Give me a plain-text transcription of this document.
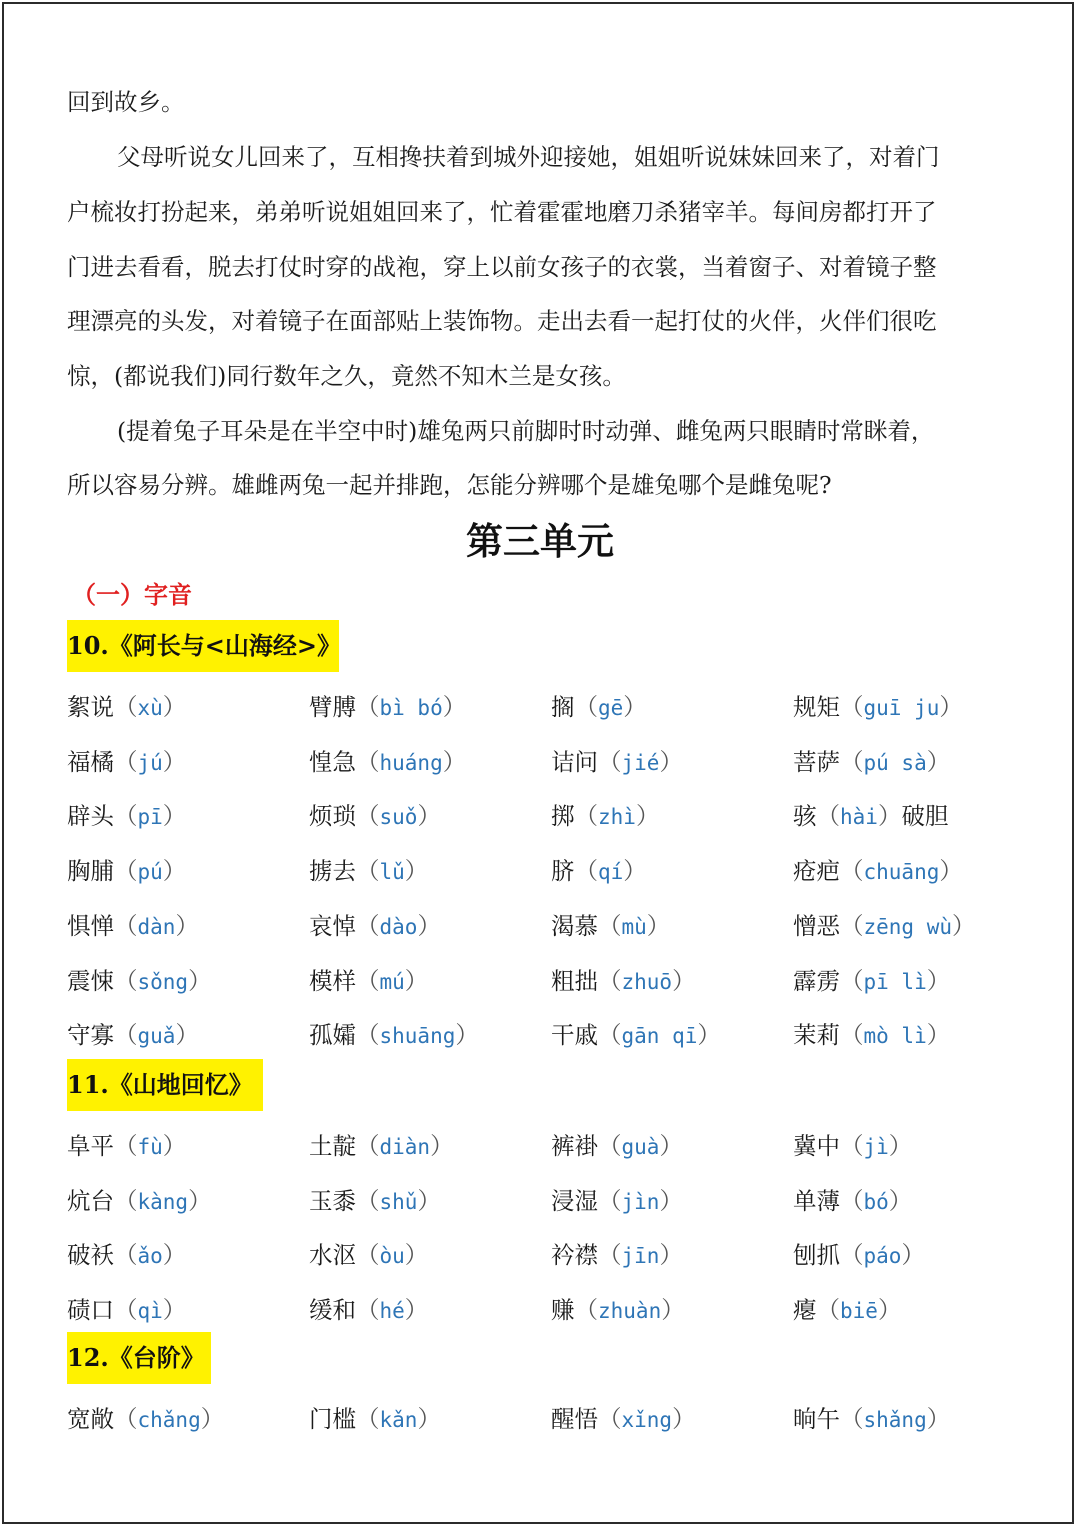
回到故乡。

父母听说女儿回来了，互相搀扶着到城外迎接她，姐姐听说妹妹回来了，对着门

户梳妆打扮起来，弟弟听说姐姐回来了，忙着霍霍地磨刀杀猪宰羊。每间房都打开了

门进去看看，脱去打仗时穿的战袍，穿上以前女孩子的衣裳，当着窗子、对着镜子整

理漂亮的头发，对着镜子在面部贴上装饰物。走出去看一起打仗的火伴，火伴们很吃

惊，(都说我们)同行数年之久，竟然不知木兰是女孩。

(提着兔子耳朵是在半空中时)雄兔两只前脚时时动弹、雌兔两只眼睛时常眯着，

所以容易分辨。雄雌两兔一起并排跑，怎能分辨哪个是雄兔哪个是雌兔呢?

第三单元
（一）字音
10.《阿长与<山海经>》

絮说（xù）	臂膊（bì bó）	搁（gē）	规矩（guī ju）

福橘（jú）	惶急（huáng）	诘问（jié）	菩萨（pú sà）

辟头（pī）	烦琐（suǒ）	掷（zhì）	骇（hài）破胆

胸脯（pú）	掳去（lǔ）	脐（qí）	疮疤（chuāng）

惧惮（dàn）	哀悼（dào）	渴慕（mù）	憎恶（zēng wù）

震悚（sǒng）	模样（mú）	粗拙（zhuō）	霹雳（pī lì）

守寡（guǎ）	孤孀（shuāng）	干戚（gān qī）	茉莉（mò lì）

11.《山地回忆》

阜平（fù）	土靛（diàn）	裤褂（guà）	冀中（jì）

炕台（kàng）	玉黍（shǔ）	浸湿（jìn）	单薄（bó）

破袄（ǎo）	水沤（òu）	衿襟（jīn）	刨抓（páo）

碛口（qì）	缓和（hé）	赚（zhuàn）	瘪（biē）

12.《台阶》

宽敞（chǎng）	门槛（kǎn）	醒悟（xǐng）	晌午（shǎng）
